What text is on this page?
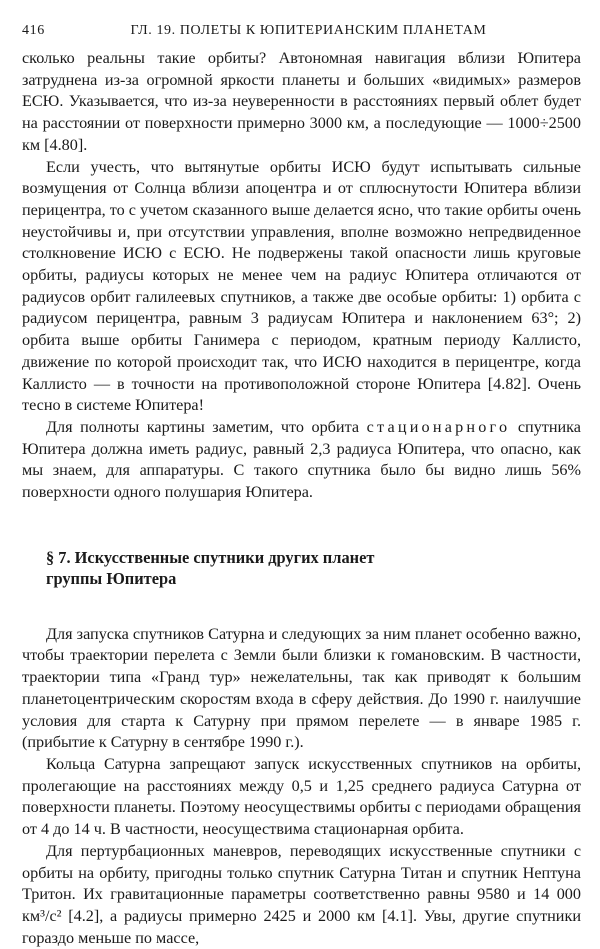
416	ГЛ. 19. ПОЛЕТЫ К ЮПИТЕРИАНСКИМ ПЛАНЕТАМ

сколько реальны такие орбиты? Автономная навигация вблизи Юпитера затруднена из-за огромной яркости планеты и больших «видимых» размеров ЕСЮ. Указывается, что из-за неуверенности в расстояниях первый облет будет на расстоянии от поверхности примерно 3000 км, а последующие — 1000÷2500 км [4.80].

Если учесть, что вытянутые орбиты ИСЮ будут испытывать сильные возмущения от Солнца вблизи апоцентра и от сплюснутости Юпитера вблизи перицентра, то с учетом сказанного выше делается ясно, что такие орбиты очень неустойчивы и, при отсутствии управления, вполне возможно непредвиденное столкновение ИСЮ с ЕСЮ. Не подвержены такой опасности лишь круговые орбиты, радиусы которых не менее чем на радиус Юпитера отличаются от радиусов орбит галилеевых спутников, а также две особые орбиты: 1) орбита с радиусом перицентра, равным 3 радиусам Юпитера и наклонением 63°; 2) орбита выше орбиты Ганимера с периодом, кратным периоду Каллисто, движение по которой происходит так, что ИСЮ находится в перицентре, когда Каллисто — в точности на противоположной стороне Юпитера [4.82]. Очень тесно в системе Юпитера!

Для полноты картины заметим, что орбита стационарного спутника Юпитера должна иметь радиус, равный 2,3 радиуса Юпитера, что опасно, как мы знаем, для аппаратуры. С такого спутника было бы видно лишь 56% поверхности одного полушария Юпитера.

§ 7. Искусственные спутники других планет
группы Юпитера

Для запуска спутников Сатурна и следующих за ним планет особенно важно, чтобы траектории перелета с Земли были близки к гомановским. В частности, траектории типа «Гранд тур» нежелательны, так как приводят к большим планетоцентрическим скоростям входа в сферу действия. До 1990 г. наилучшие условия для старта к Сатурну при прямом перелете — в январе 1985 г. (прибытие к Сатурну в сентябре 1990 г.).

Кольца Сатурна запрещают запуск искусственных спутников на орбиты, пролегающие на расстояниях между 0,5 и 1,25 среднего радиуса Сатурна от поверхности планеты. Поэтому неосуществимы орбиты с периодами обращения от 4 до 14 ч. В частности, неосуществима стационарная орбита.

Для пертурбационных маневров, переводящих искусственные спутники с орбиты на орбиту, пригодны только спутник Сатурна Титан и спутник Нептуна Тритон. Их гравитационные параметры соответственно равны 9580 и 14 000 км³/с² [4.2], а радиусы примерно 2425 и 2000 км [4.1]. Увы, другие спутники гораздо меньше по массе,
